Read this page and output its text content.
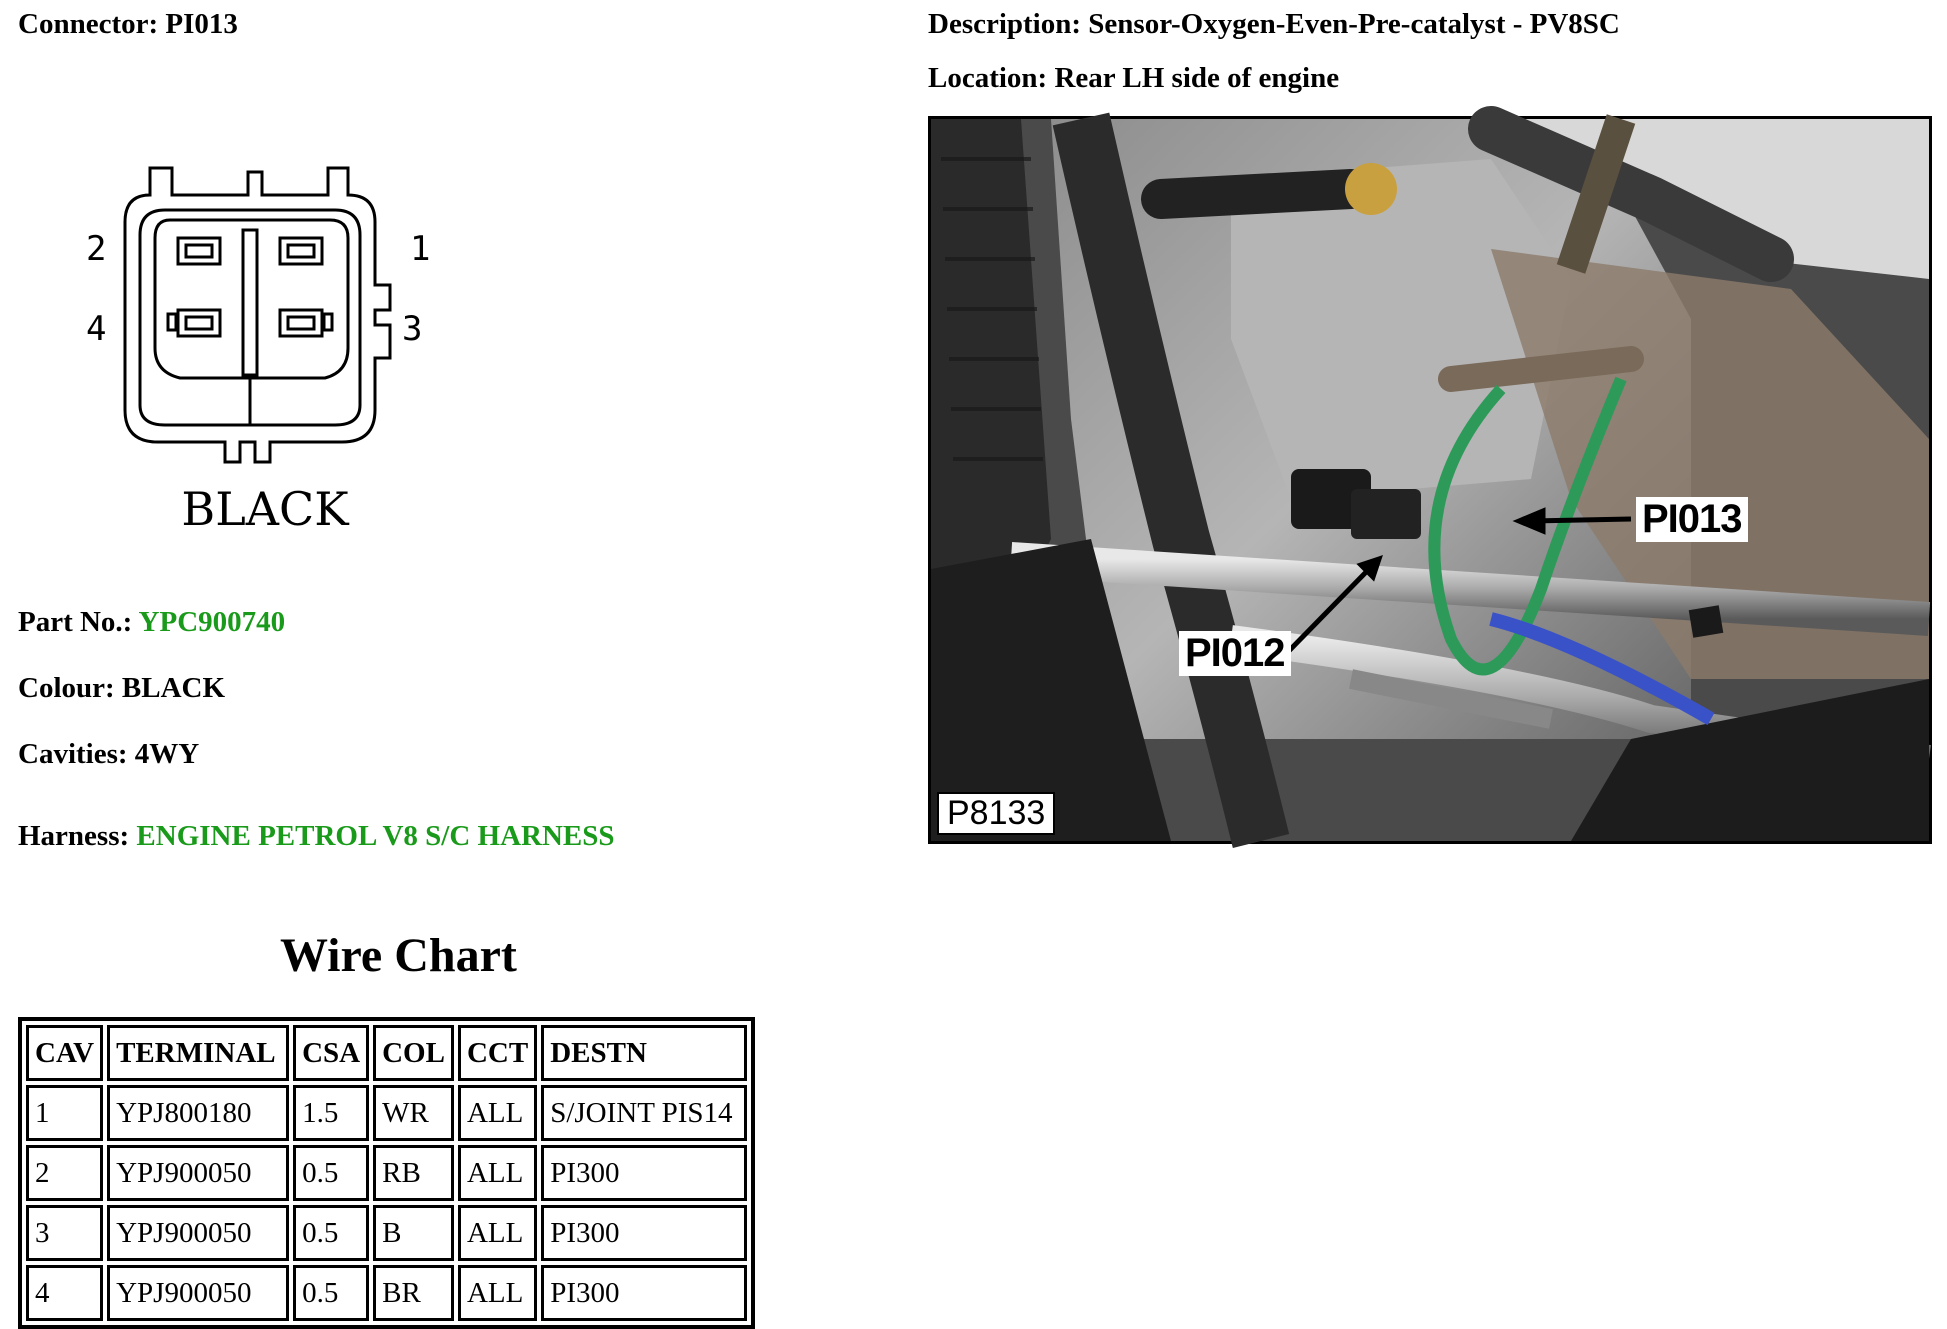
Connector: PI013	Description: Sensor-Oxygen-Even-Pre-catalyst - PV8SC
Location: Rear LH side of engine
2	1
4	3
BLACK
Part No.: YPC900740
Colour: BLACK
Cavities: 4WY
Harness: ENGINE PETROL V8 S/C HARNESS
Wire Chart
CAV	TERMINAL	CSA	COL	CCT	DESTN
1	YPJ800180	1.5	WR	ALL	S/JOINT PIS14
2	YPJ900050	0.5	RB	ALL	PI300
3	YPJ900050	0.5	B	ALL	PI300
4	YPJ900050	0.5	BR	ALL	PI300
PI013
PI012
P8133
